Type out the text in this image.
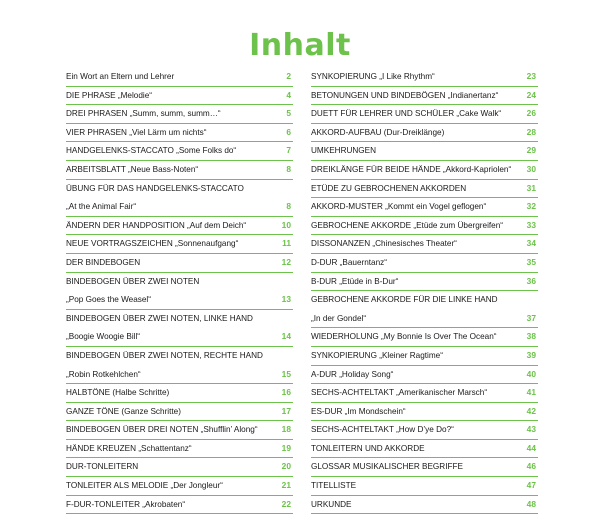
Inhalt
Ein Wort an Eltern und Lehrer	2
DIE PHRASE „Melodie“	4
DREI PHRASEN „Summ, summ, summ…“	5
VIER PHRASEN „Viel Lärm um nichts“	6
HANDGELENKS-STACCATO „Some Folks do“	7
ARBEITSBLATT „Neue Bass-Noten“	8
ÜBUNG FÜR DAS HANDGELENKS-STACCATO
„At the Animal Fair“	8
ÄNDERN DER HANDPOSITION „Auf dem Deich“	10
NEUE VORTRAGSZEICHEN „Sonnenaufgang“	11
DER BINDEBOGEN	12
BINDEBOGEN ÜBER ZWEI NOTEN
„Pop Goes the Weasel“	13
BINDEBOGEN ÜBER ZWEI NOTEN, LINKE HAND
„Boogie Woogie Bill“	14
BINDEBOGEN ÜBER ZWEI NOTEN, RECHTE HAND
„Robin Rotkehlchen“	15
HALBTÖNE (Halbe Schritte)	16
GANZE TÖNE (Ganze Schritte)	17
BINDEBOGEN ÜBER DREI NOTEN „Shufflin’ Along“	18
HÄNDE KREUZEN „Schattentanz“	19
DUR-TONLEITERN	20
TONLEITER ALS MELODIE „Der Jongleur“	21
F-DUR-TONLEITER „Akrobaten“	22
SYNKOPIERUNG „I Like Rhythm“	23
BETONUNGEN UND BINDEBÖGEN „Indianertanz“	24
DUETT FÜR LEHRER UND SCHÜLER „Cake Walk“	26
AKKORD-AUFBAU (Dur-Dreiklänge)	28
UMKEHRUNGEN	29
DREIKLÄNGE FÜR BEIDE HÄNDE „Akkord-Kapriolen“ 30
ETÜDE ZU GEBROCHENEN AKKORDEN	31
AKKORD-MUSTER „Kommt ein Vogel geflogen“	32
GEBROCHENE AKKORDE „Etüde zum Übergreifen“	33
DISSONANZEN „Chinesisches Theater“	34
D-DUR „Bauerntanz“	35
B-DUR „Etüde in B-Dur“	36
GEBROCHENE AKKORDE FÜR DIE LINKE HAND
„In der Gondel“	37
WIEDERHOLUNG „My Bonnie Is Over The Ocean“	38
SYNKOPIERUNG „Kleiner Ragtime“	39
A-DUR „Holiday Song“	40
SECHS-ACHTELTAKT „Amerikanischer Marsch“	41
ES-DUR „Im Mondschein“	42
SECHS-ACHTELTAKT „How D’ye Do?“	43
TONLEITERN UND AKKORDE	44
GLOSSAR MUSIKALISCHER BEGRIFFE	46
TITELLISTE	47
URKUNDE	48
